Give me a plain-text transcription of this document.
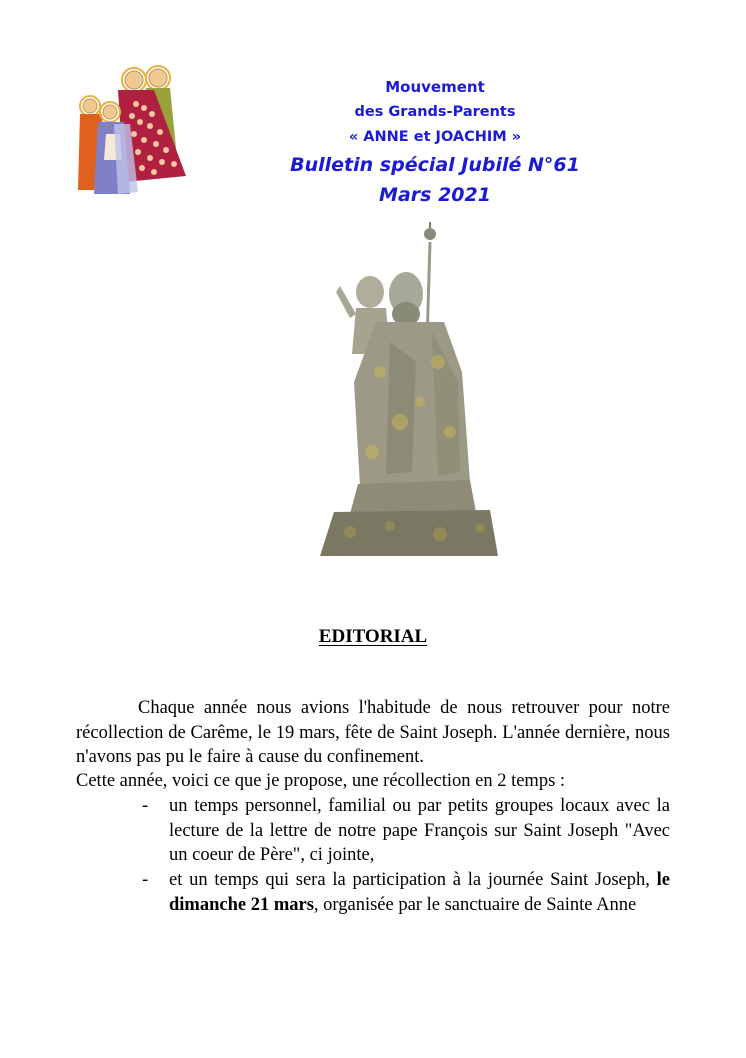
Mouvement
des Grands-Parents
« ANNE et JOACHIM »
Bulletin spécial Jubilé N°61
Mars 2021
EDITORIAL
Chaque année nous avions l'habitude de nous retrouver pour notre récollection de Carême, le 19 mars, fête de Saint Joseph. L'année dernière, nous n'avons pas pu le faire à cause du confinement.
Cette année, voici ce que je propose, une récollection en 2 temps :
- un temps personnel, familial ou par petits groupes locaux avec la lecture de la lettre de notre pape François sur Saint Joseph "Avec un coeur de Père", ci jointe,
- et un temps qui sera la participation à la journée Saint Joseph, le dimanche 21 mars, organisée par le sanctuaire de Sainte Anne
